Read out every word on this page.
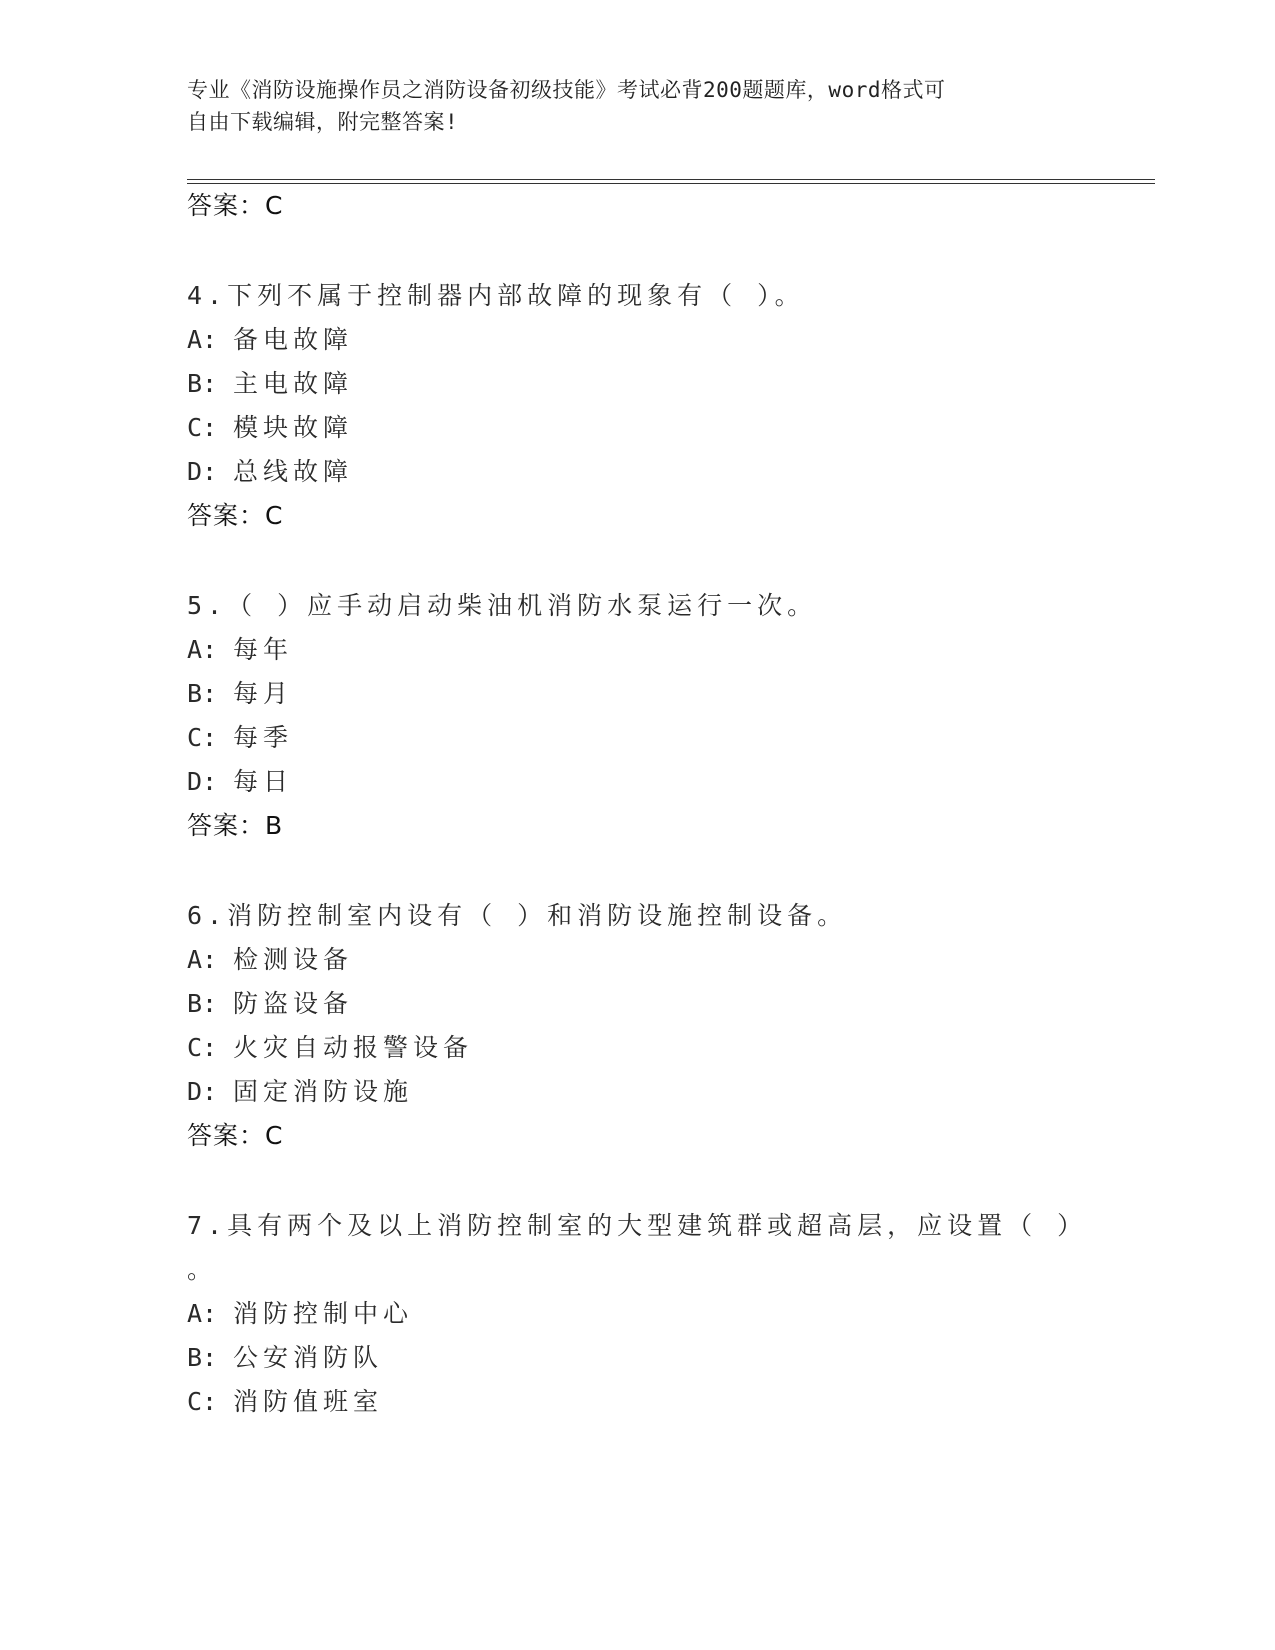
专业《消防设施操作员之消防设备初级技能》考试必背200题题库，word格式可
自由下载编辑，附完整答案!
答案：C
4.下列不属于控制器内部故障的现象有（ ）。
A: 备电故障
B: 主电故障
C: 模块故障
D: 总线故障
答案：C
5.（ ）应手动启动柴油机消防水泵运行一次。
A: 每年
B: 每月
C: 每季
D: 每日
答案：B
6.消防控制室内设有（ ）和消防设施控制设备。
A: 检测设备
B: 防盗设备
C: 火灾自动报警设备
D: 固定消防设施
答案：C
7.具有两个及以上消防控制室的大型建筑群或超高层，应设置（ ）
。
A: 消防控制中心
B: 公安消防队
C: 消防值班室
